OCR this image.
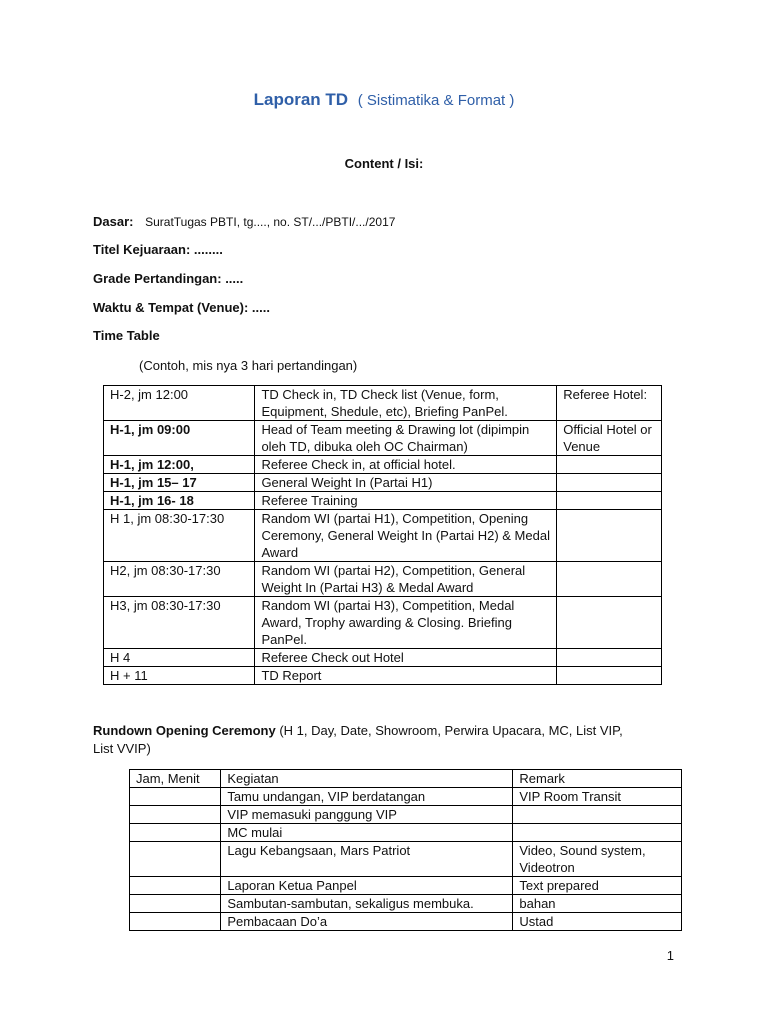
Laporan TD ( Sistimatika & Format )
Content / Isi:
Dasar: SuratTugas PBTI, tg...., no. ST/.../PBTI/.../2017
Titel Kejuaraan: ........
Grade Pertandingan: .....
Waktu & Tempat (Venue): .....
Time Table
(Contoh, mis nya 3 hari pertandingan)
H-2, jm 12:00	TD Check in, TD Check list (Venue, form, Equipment, Shedule, etc), Briefing PanPel.	Referee Hotel:
H-1, jm 09:00	Head of Team meeting & Drawing lot (dipimpin oleh TD, dibuka oleh OC Chairman)	Official Hotel or Venue
H-1, jm 12:00,	Referee Check in, at official hotel.	
H-1, jm 15– 17	General Weight In (Partai H1)	
H-1, jm 16- 18	Referee Training	
H 1, jm 08:30-17:30	Random WI (partai H1), Competition, Opening Ceremony, General Weight In (Partai H2) & Medal Award	
H2, jm 08:30-17:30	Random WI (partai H2), Competition, General Weight In (Partai H3) & Medal Award	
H3, jm 08:30-17:30	Random WI (partai H3), Competition, Medal Award, Trophy awarding & Closing. Briefing PanPel.	
H 4	Referee Check out Hotel	
H + 11	TD Report	
Rundown Opening Ceremony (H 1, Day, Date, Showroom, Perwira Upacara, MC, List VIP,
List VVIP)
Jam, Menit	Kegiatan	Remark
	Tamu undangan, VIP berdatangan	VIP Room Transit
	VIP memasuki panggung VIP	
	MC mulai	
	Lagu Kebangsaan, Mars Patriot	Video, Sound system, Videotron
	Laporan Ketua Panpel	Text prepared
	Sambutan-sambutan, sekaligus membuka.	bahan
	Pembacaan Do’a	Ustad
1
